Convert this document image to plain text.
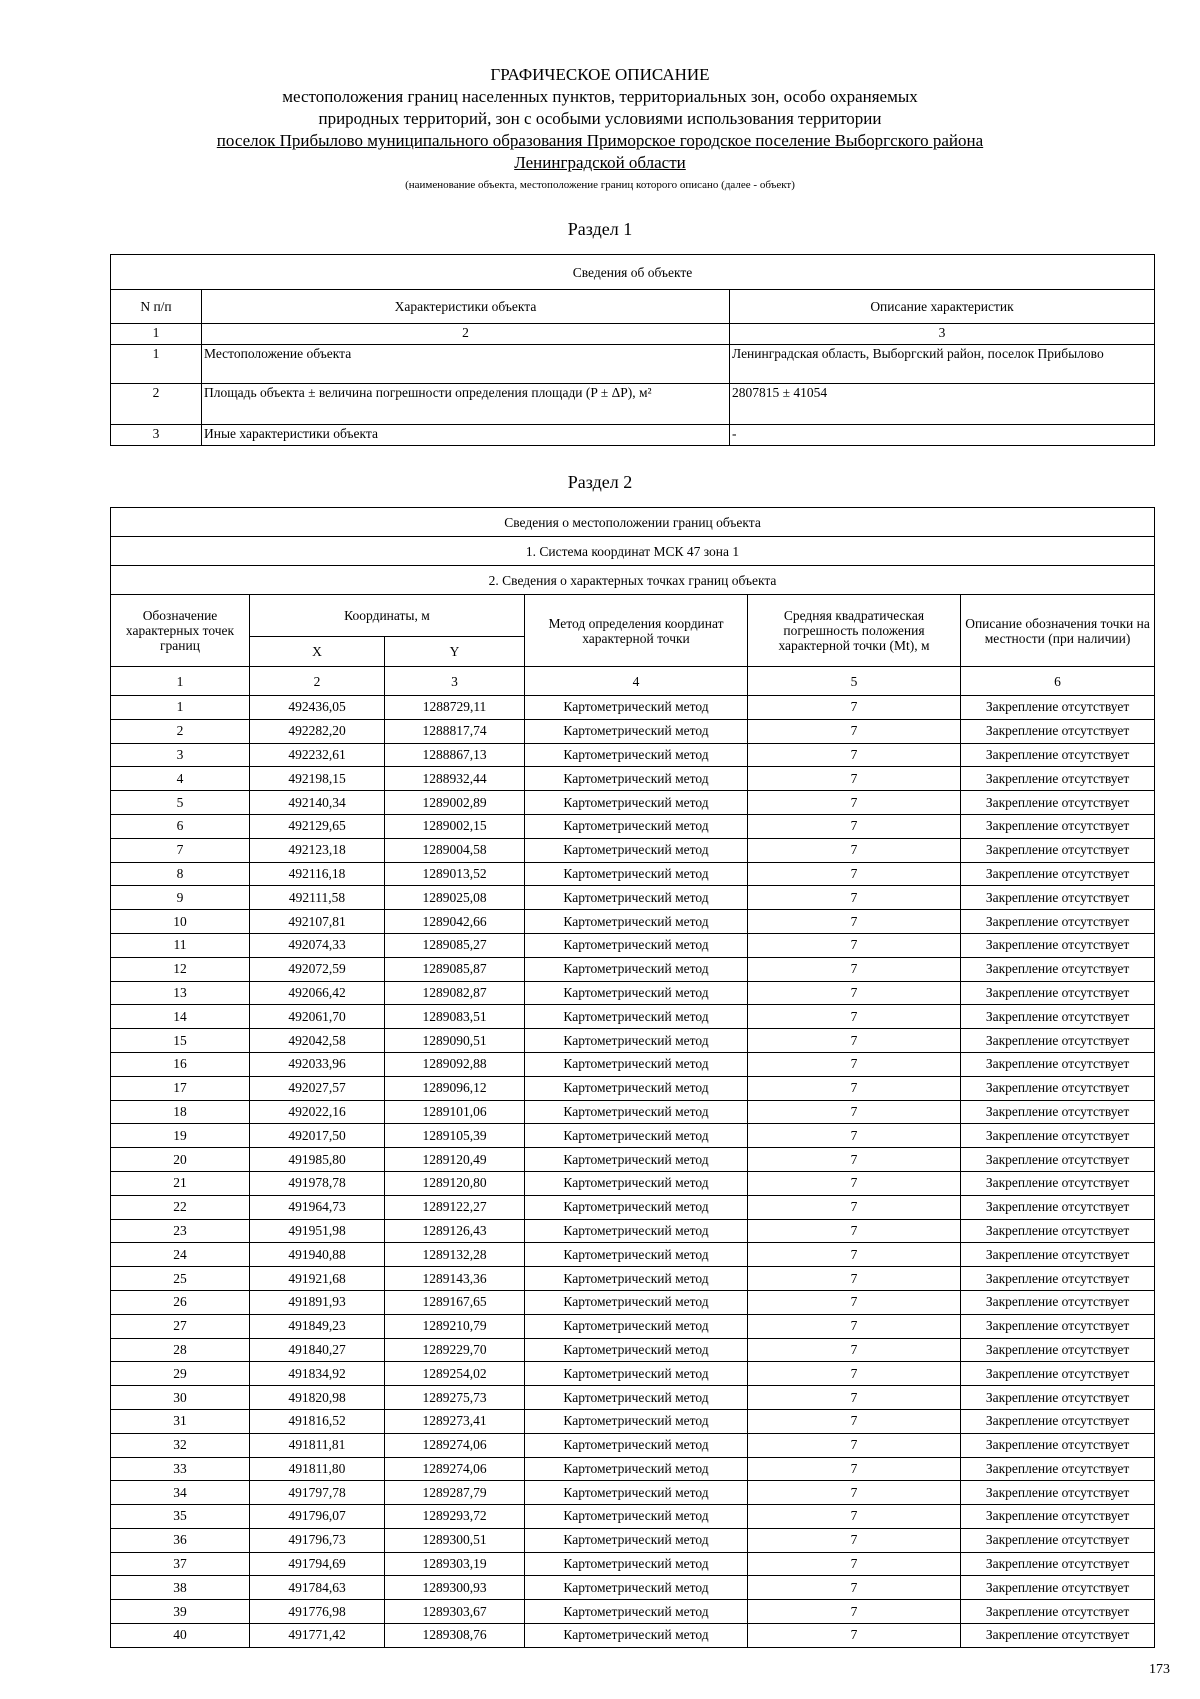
ГРАФИЧЕСКОЕ ОПИСАНИЕ
местоположения границ населенных пунктов, территориальных зон, особо охраняемых
природных территорий, зон с особыми условиями использования территории
поселок Прибылово муниципального образования Приморское городское поселение Выборгского района
Ленинградской области
(наименование объекта, местоположение границ которого описано (далее - объект)
Раздел 1
Сведения об объекте		
N п/п	Характеристики объекта	Описание характеристик
1	2	3
1	Местоположение объекта	Ленинградская область, Выборгский район, поселок Прибылово
2	Площадь объекта ± величина погрешности определения площади (P ± ΔP), м²	2807815 ± 41054
3	Иные характеристики объекта	-
Раздел 2
Сведения о местоположении границ объекта					
1. Система координат МСК 47 зона 1					
2. Сведения о характерных точках границ объекта					
Обозначение характерных точек границ	Координаты, м		Метод определения координат характерной точки	Средняя квадратическая погрешность положения характерной точки (Mt), м	Описание обозначения точки на местности (при наличии)
	X	Y			
1	2	3	4	5	6
1	492436,05	1288729,11	Картометрический метод	7	Закрепление отсутствует
2	492282,20	1288817,74	Картометрический метод	7	Закрепление отсутствует
3	492232,61	1288867,13	Картометрический метод	7	Закрепление отсутствует
4	492198,15	1288932,44	Картометрический метод	7	Закрепление отсутствует
5	492140,34	1289002,89	Картометрический метод	7	Закрепление отсутствует
6	492129,65	1289002,15	Картометрический метод	7	Закрепление отсутствует
7	492123,18	1289004,58	Картометрический метод	7	Закрепление отсутствует
8	492116,18	1289013,52	Картометрический метод	7	Закрепление отсутствует
9	492111,58	1289025,08	Картометрический метод	7	Закрепление отсутствует
10	492107,81	1289042,66	Картометрический метод	7	Закрепление отсутствует
11	492074,33	1289085,27	Картометрический метод	7	Закрепление отсутствует
12	492072,59	1289085,87	Картометрический метод	7	Закрепление отсутствует
13	492066,42	1289082,87	Картометрический метод	7	Закрепление отсутствует
14	492061,70	1289083,51	Картометрический метод	7	Закрепление отсутствует
15	492042,58	1289090,51	Картометрический метод	7	Закрепление отсутствует
16	492033,96	1289092,88	Картометрический метод	7	Закрепление отсутствует
17	492027,57	1289096,12	Картометрический метод	7	Закрепление отсутствует
18	492022,16	1289101,06	Картометрический метод	7	Закрепление отсутствует
19	492017,50	1289105,39	Картометрический метод	7	Закрепление отсутствует
20	491985,80	1289120,49	Картометрический метод	7	Закрепление отсутствует
21	491978,78	1289120,80	Картометрический метод	7	Закрепление отсутствует
22	491964,73	1289122,27	Картометрический метод	7	Закрепление отсутствует
23	491951,98	1289126,43	Картометрический метод	7	Закрепление отсутствует
24	491940,88	1289132,28	Картометрический метод	7	Закрепление отсутствует
25	491921,68	1289143,36	Картометрический метод	7	Закрепление отсутствует
26	491891,93	1289167,65	Картометрический метод	7	Закрепление отсутствует
27	491849,23	1289210,79	Картометрический метод	7	Закрепление отсутствует
28	491840,27	1289229,70	Картометрический метод	7	Закрепление отсутствует
29	491834,92	1289254,02	Картометрический метод	7	Закрепление отсутствует
30	491820,98	1289275,73	Картометрический метод	7	Закрепление отсутствует
31	491816,52	1289273,41	Картометрический метод	7	Закрепление отсутствует
32	491811,81	1289274,06	Картометрический метод	7	Закрепление отсутствует
33	491811,80	1289274,06	Картометрический метод	7	Закрепление отсутствует
34	491797,78	1289287,79	Картометрический метод	7	Закрепление отсутствует
35	491796,07	1289293,72	Картометрический метод	7	Закрепление отсутствует
36	491796,73	1289300,51	Картометрический метод	7	Закрепление отсутствует
37	491794,69	1289303,19	Картометрический метод	7	Закрепление отсутствует
38	491784,63	1289300,93	Картометрический метод	7	Закрепление отсутствует
39	491776,98	1289303,67	Картометрический метод	7	Закрепление отсутствует
40	491771,42	1289308,76	Картометрический метод	7	Закрепление отсутствует
173
